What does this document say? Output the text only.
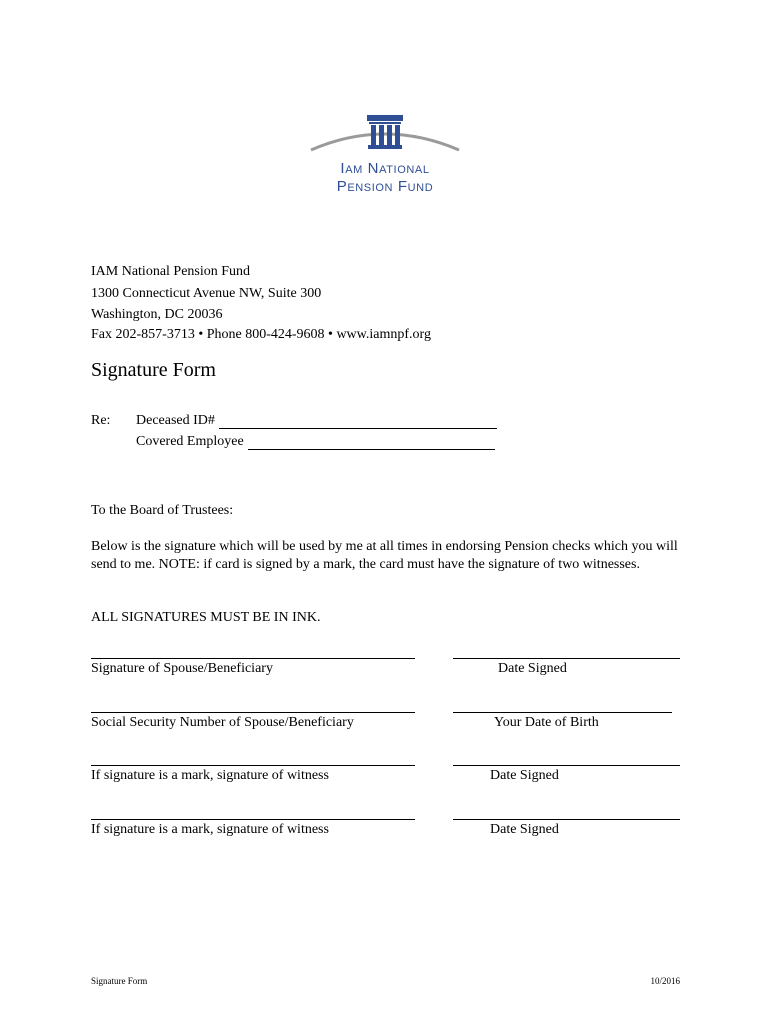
IAM NATIONAL
PENSION FUND
IAM National Pension Fund
1300 Connecticut Avenue NW, Suite 300
Washington, DC 20036
Fax 202-857-3713 • Phone 800-424-9608 • www.iamnpf.org
Signature Form
Re: Deceased ID#
Covered Employee
To the Board of Trustees:
Below is the signature which will be used by me at all times in endorsing Pension checks which you will send to me. NOTE: if card is signed by a mark, the card must have the signature of two witnesses.
ALL SIGNATURES MUST BE IN INK.
Signature of Spouse/Beneficiary	Date Signed
Social Security Number of Spouse/Beneficiary	Your Date of Birth
If signature is a mark, signature of witness	Date Signed
If signature is a mark, signature of witness	Date Signed
Signature Form	10/2016
